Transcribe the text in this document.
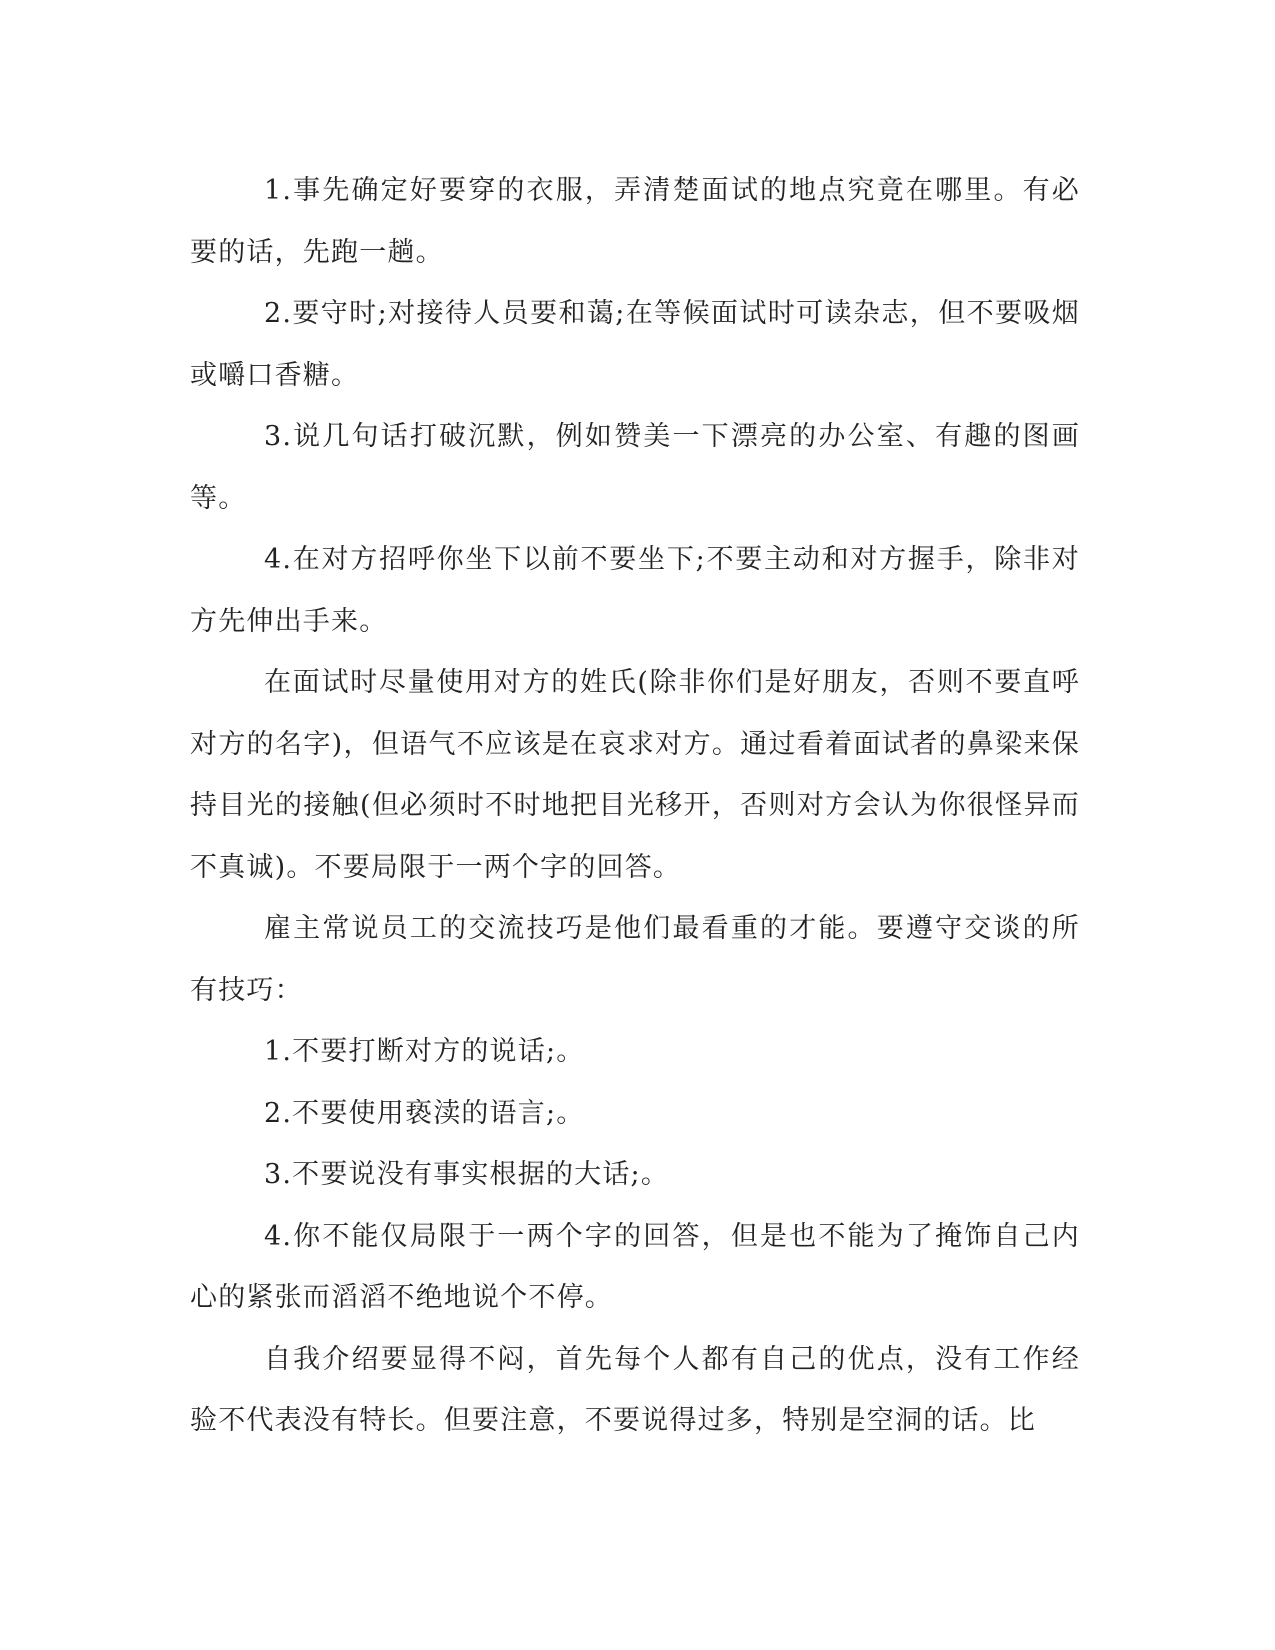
1.事先确定好要穿的衣服，弄清楚面试的地点究竟在哪里。有必要的话，先跑一趟。

2.要守时;对接待人员要和蔼;在等候面试时可读杂志，但不要吸烟或嚼口香糖。

3.说几句话打破沉默，例如赞美一下漂亮的办公室、有趣的图画等。

4.在对方招呼你坐下以前不要坐下;不要主动和对方握手，除非对方先伸出手来。

在面试时尽量使用对方的姓氏(除非你们是好朋友，否则不要直呼对方的名字)，但语气不应该是在哀求对方。通过看着面试者的鼻梁来保持目光的接触(但必须时不时地把目光移开，否则对方会认为你很怪异而不真诚)。不要局限于一两个字的回答。

雇主常说员工的交流技巧是他们最看重的才能。要遵守交谈的所有技巧：

1.不要打断对方的说话;。

2.不要使用亵渎的语言;。

3.不要说没有事实根据的大话;。

4.你不能仅局限于一两个字的回答，但是也不能为了掩饰自己内心的紧张而滔滔不绝地说个不停。

自我介绍要显得不闷，首先每个人都有自己的优点，没有工作经验不代表没有特长。但要注意，不要说得过多，特别是空洞的话。比
